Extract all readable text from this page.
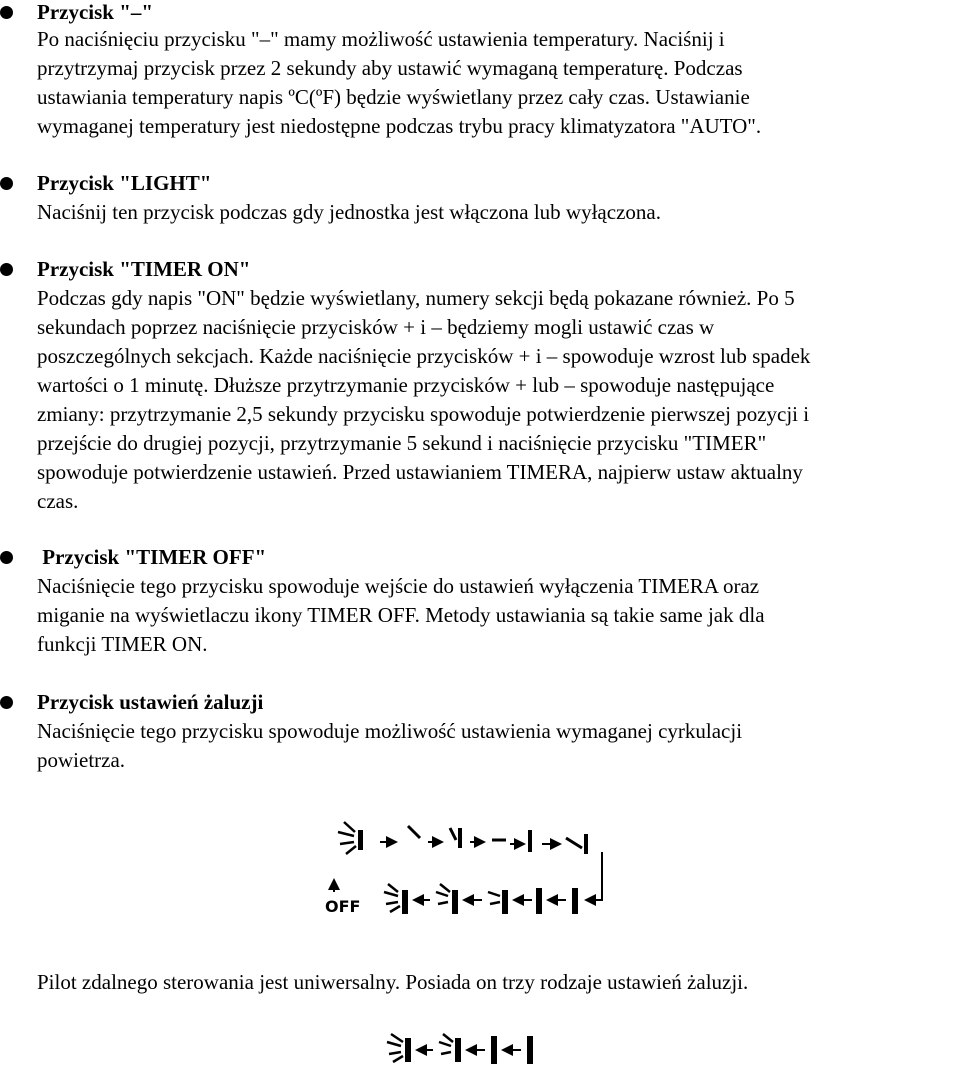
Przycisk "–"
Po naciśnięciu przycisku "–" mamy możliwość ustawienia temperatury. Naciśnij i
przytrzymaj przycisk przez 2 sekundy aby ustawić wymaganą temperaturę. Podczas
ustawiania temperatury napis ºC(ºF) będzie wyświetlany przez cały czas. Ustawianie
wymaganej temperatury jest niedostępne podczas trybu pracy klimatyzatora "AUTO".
Przycisk "LIGHT"
Naciśnij ten przycisk podczas gdy jednostka jest włączona lub wyłączona.
Przycisk "TIMER ON"
Podczas gdy napis "ON" będzie wyświetlany, numery sekcji będą pokazane również. Po 5
sekundach poprzez naciśnięcie przycisków + i – będziemy mogli ustawić czas w
poszczególnych sekcjach. Każde naciśnięcie przycisków + i – spowoduje wzrost lub spadek
wartości o 1 minutę. Dłuższe przytrzymanie przycisków + lub – spowoduje następujące
zmiany: przytrzymanie 2,5 sekundy przycisku spowoduje potwierdzenie pierwszej pozycji i
przejście do drugiej pozycji, przytrzymanie 5 sekund i naciśnięcie przycisku "TIMER"
spowoduje potwierdzenie ustawień. Przed ustawianiem TIMERA, najpierw ustaw aktualny
czas.
Przycisk "TIMER OFF"
Naciśnięcie tego przycisku spowoduje wejście do ustawień wyłączenia TIMERA oraz
miganie na wyświetlaczu ikony TIMER OFF. Metody ustawiania są takie same jak dla
funkcji TIMER ON.
Przycisk ustawień żaluzji
Naciśnięcie tego przycisku spowoduje możliwość ustawienia wymaganej cyrkulacji
powietrza.
OFF
Pilot zdalnego sterowania jest uniwersalny. Posiada on trzy rodzaje ustawień żaluzji.
